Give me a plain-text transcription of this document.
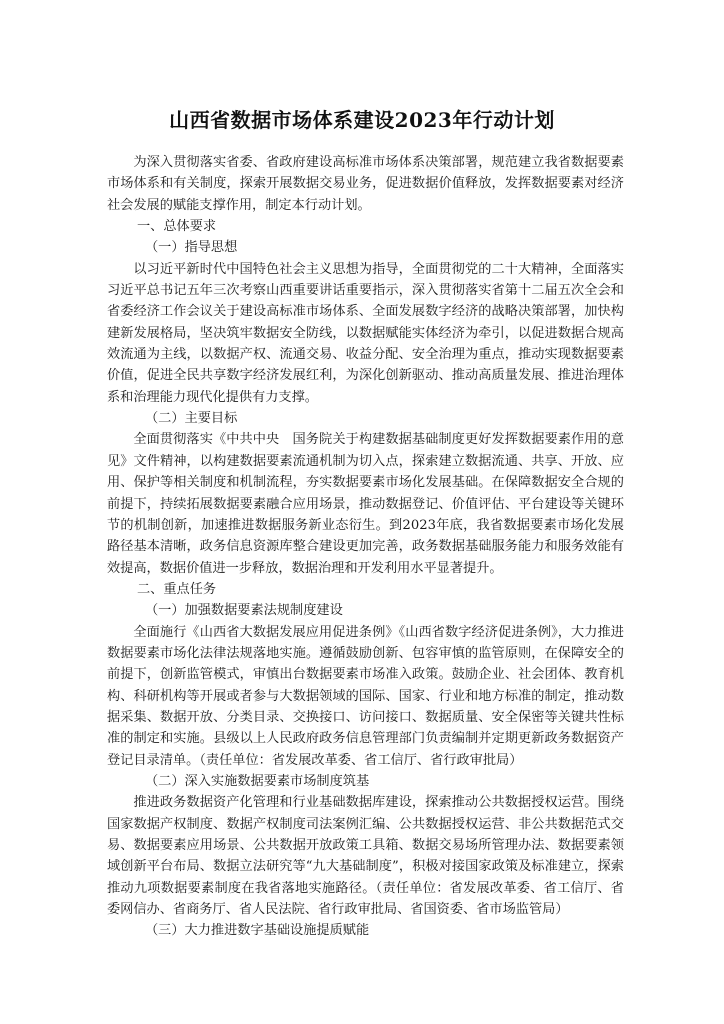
山西省数据市场体系建设2023年行动计划

为深入贯彻落实省委、省政府建设高标准市场体系决策部署，规范建立我省数据要素市场体系和有关制度，探索开展数据交易业务，促进数据价值释放，发挥数据要素对经济社会发展的赋能支撑作用，制定本行动计划。

一、总体要求

（一）指导思想

以习近平新时代中国特色社会主义思想为指导，全面贯彻党的二十大精神，全面落实习近平总书记五年三次考察山西重要讲话重要指示，深入贯彻落实省第十二届五次全会和省委经济工作会议关于建设高标准市场体系、全面发展数字经济的战略决策部署，加快构建新发展格局，坚决筑牢数据安全防线，以数据赋能实体经济为牵引，以促进数据合规高效流通为主线，以数据产权、流通交易、收益分配、安全治理为重点，推动实现数据要素价值，促进全民共享数字经济发展红利，为深化创新驱动、推动高质量发展、推进治理体系和治理能力现代化提供有力支撑。

（二）主要目标

全面贯彻落实《中共中央　国务院关于构建数据基础制度更好发挥数据要素作用的意见》文件精神，以构建数据要素流通机制为切入点，探索建立数据流通、共享、开放、应用、保护等相关制度和机制流程，夯实数据要素市场化发展基础。在保障数据安全合规的前提下，持续拓展数据要素融合应用场景，推动数据登记、价值评估、平台建设等关键环节的机制创新，加速推进数据服务新业态衍生。到2023年底，我省数据要素市场化发展路径基本清晰，政务信息资源库整合建设更加完善，政务数据基础服务能力和服务效能有效提高，数据价值进一步释放，数据治理和开发利用水平显著提升。

二、重点任务

（一）加强数据要素法规制度建设

全面施行《山西省大数据发展应用促进条例》《山西省数字经济促进条例》，大力推进数据要素市场化法律法规落地实施。遵循鼓励创新、包容审慎的监管原则，在保障安全的前提下，创新监管模式，审慎出台数据要素市场准入政策。鼓励企业、社会团体、教育机构、科研机构等开展或者参与大数据领域的国际、国家、行业和地方标准的制定，推动数据采集、数据开放、分类目录、交换接口、访问接口、数据质量、安全保密等关键共性标准的制定和实施。县级以上人民政府政务信息管理部门负责编制并定期更新政务数据资产登记目录清单。（责任单位：省发展改革委、省工信厅、省行政审批局）

（二）深入实施数据要素市场制度筑基

推进政务数据资产化管理和行业基础数据库建设，探索推动公共数据授权运营。围绕国家数据产权制度、数据产权制度司法案例汇编、公共数据授权运营、非公共数据范式交易、数据要素应用场景、公共数据开放政策工具箱、数据交易场所管理办法、数据要素领域创新平台布局、数据立法研究等“九大基础制度”，积极对接国家政策及标准建立，探索推动九项数据要素制度在我省落地实施路径。（责任单位：省发展改革委、省工信厅、省委网信办、省商务厅、省人民法院、省行政审批局、省国资委、省市场监管局）

（三）大力推进数字基础设施提质赋能
